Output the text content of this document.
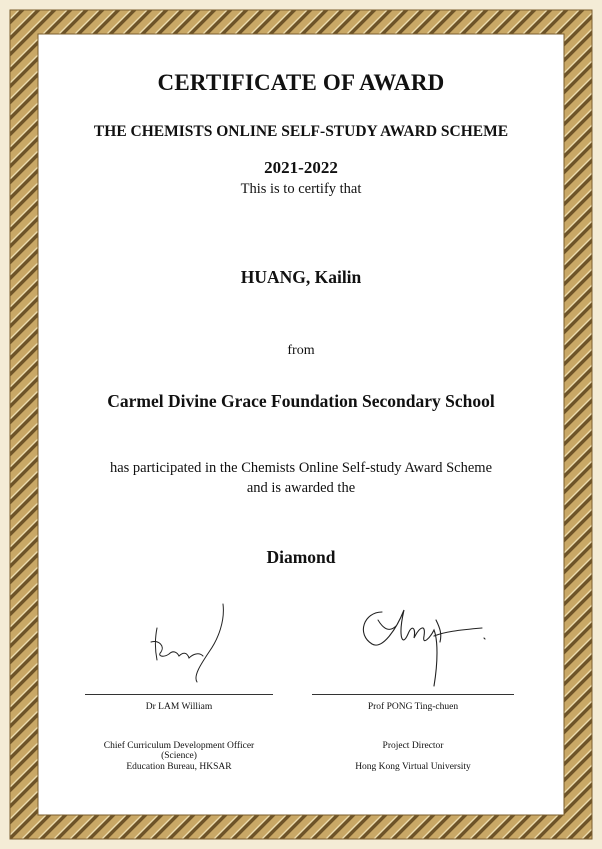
CERTIFICATE OF AWARD
THE CHEMISTS ONLINE SELF-STUDY AWARD SCHEME
2021-2022
This is to certify that
HUANG, Kailin
from
Carmel Divine Grace Foundation Secondary School
has participated in the Chemists Online Self-study Award Scheme
and is awarded the
Diamond
Dr LAM William
Chief Curriculum Development Officer (Science)
Education Bureau, HKSAR
Prof PONG Ting-chuen
Project Director
Hong Kong Virtual University
